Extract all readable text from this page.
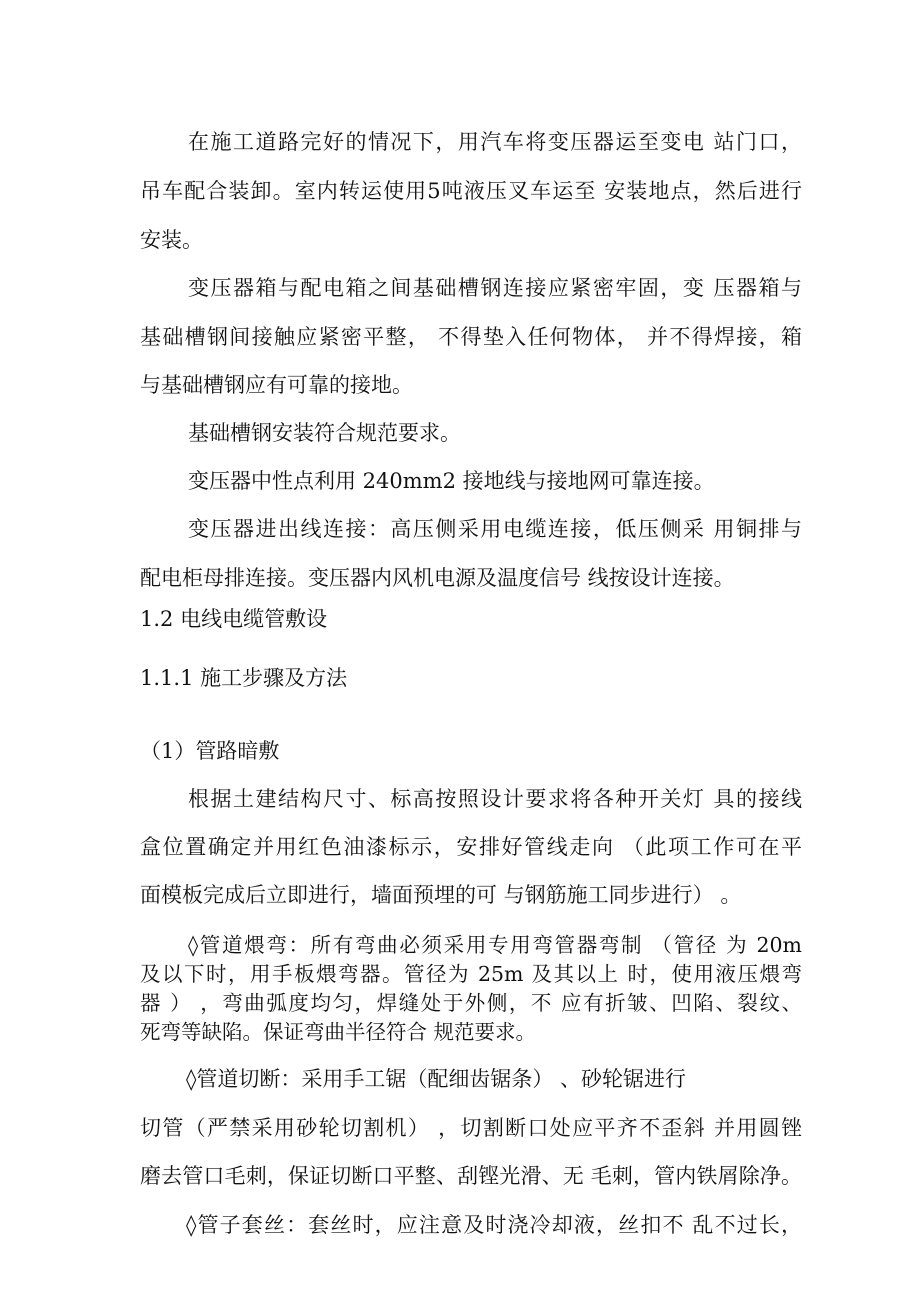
在施工道路完好的情况下，用汽车将变压器运至变电 站门口，

吊车配合装卸。室内转运使用5吨液压叉车运至 安装地点，然后进行

安装。

变压器箱与配电箱之间基础槽钢连接应紧密牢固，变 压器箱与

基础槽钢间接触应紧密平整， 不得垫入任何物体， 并不得焊接，箱

与基础槽钢应有可靠的接地。

基础槽钢安装符合规范要求。

变压器中性点利用 240mm2 接地线与接地网可靠连接。

变压器进出线连接：高压侧采用电缆连接，低压侧采 用铜排与

配电柜母排连接。变压器内风机电源及温度信号 线按设计连接。

1.2 电线电缆管敷设

1.1.1 施工步骤及方法

（1）管路暗敷

根据土建结构尺寸、标高按照设计要求将各种开关灯 具的接线

盒位置确定并用红色油漆标示，安排好管线走向 （此项工作可在平

面模板完成后立即进行，墙面预埋的可 与钢筋施工同步进行） 。

◊管道煨弯：所有弯曲必须采用专用弯管器弯制 （管径 为 20m

及以下时，用手板煨弯器。管径为 25m 及其以上 时，使用液压煨弯

器 ） ，弯曲弧度均匀，焊缝处于外侧，不 应有折皱、凹陷、裂纹、

死弯等缺陷。保证弯曲半径符合 规范要求。

◊管道切断：采用手工锯（配细齿锯条） 、砂轮锯进行

切管（严禁采用砂轮切割机） ，切割断口处应平齐不歪斜 并用圆锉

磨去管口毛刺，保证切断口平整、刮铿光滑、无 毛刺，管内铁屑除净。

◊管子套丝：套丝时，应注意及时浇冷却液，丝扣不 乱不过长，
